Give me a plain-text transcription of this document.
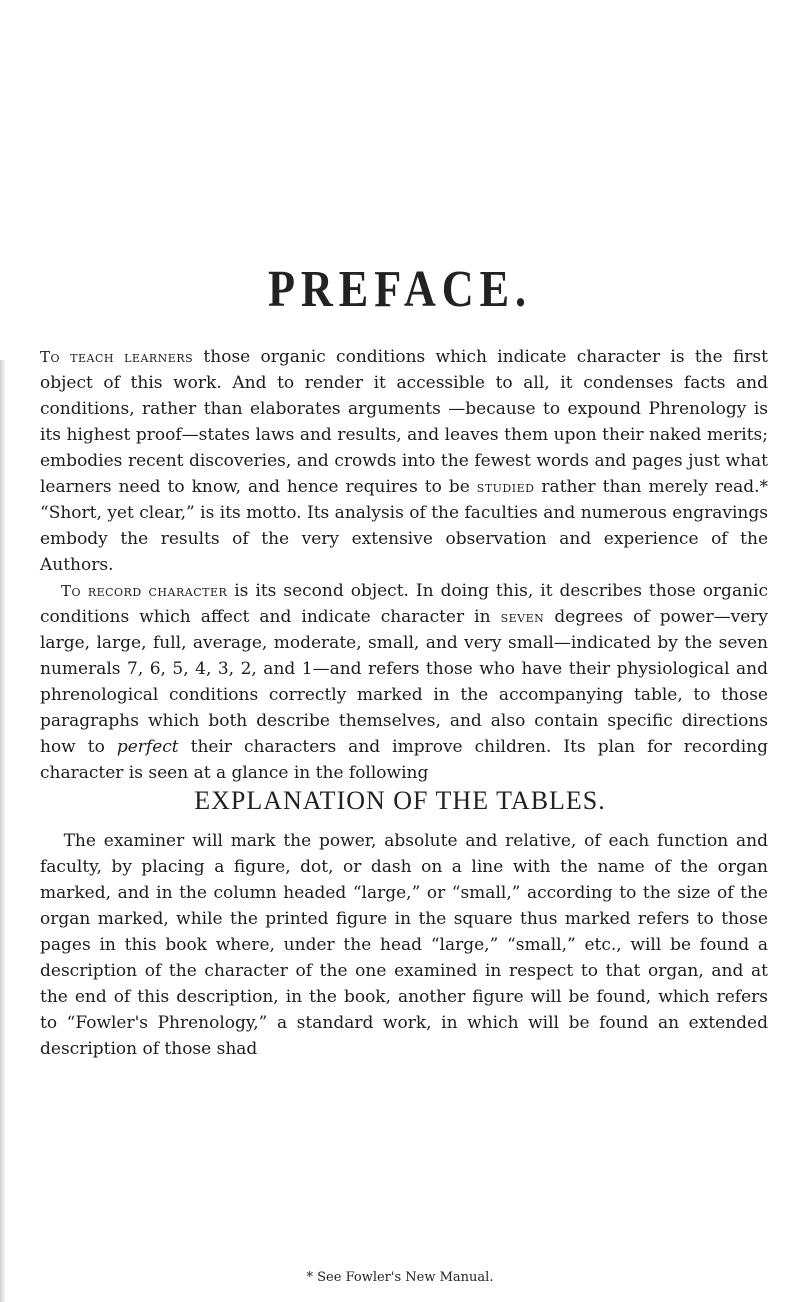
PREFACE.

To teach learners those organic conditions which indicate character is the first object of this work. And to render it accessible to all, it condenses facts and conditions, rather than elaborates arguments —because to expound Phrenology is its highest proof—states laws and results, and leaves them upon their naked merits; embodies recent discoveries, and crowds into the fewest words and pages just what learners need to know, and hence requires to be studied rather than merely read.* “Short, yet clear,” is its motto. Its analysis of the faculties and numerous engravings embody the results of the very extensive observation and experience of the Authors.

To record character is its second object. In doing this, it describes those organic conditions which affect and indicate character in seven degrees of power—very large, large, full, average, moderate, small, and very small—indicated by the seven numerals 7, 6, 5, 4, 3, 2, and 1—and refers those who have their physiological and phrenological conditions correctly marked in the accompanying table, to those paragraphs which both describe themselves, and also contain specific directions how to perfect their characters and improve children. Its plan for recording character is seen at a glance in the following

EXPLANATION OF THE TABLES.

The examiner will mark the power, absolute and relative, of each function and faculty, by placing a figure, dot, or dash on a line with the name of the organ marked, and in the column headed “large,” or “small,” according to the size of the organ marked, while the printed figure in the square thus marked refers to those pages in this book where, under the head “large,” “small,” etc., will be found a description of the character of the one examined in respect to that organ, and at the end of this description, in the book, another figure will be found, which refers to “Fowler's Phrenology,” a standard work, in which will be found an extended description of those shad

* See Fowler's New Manual.
